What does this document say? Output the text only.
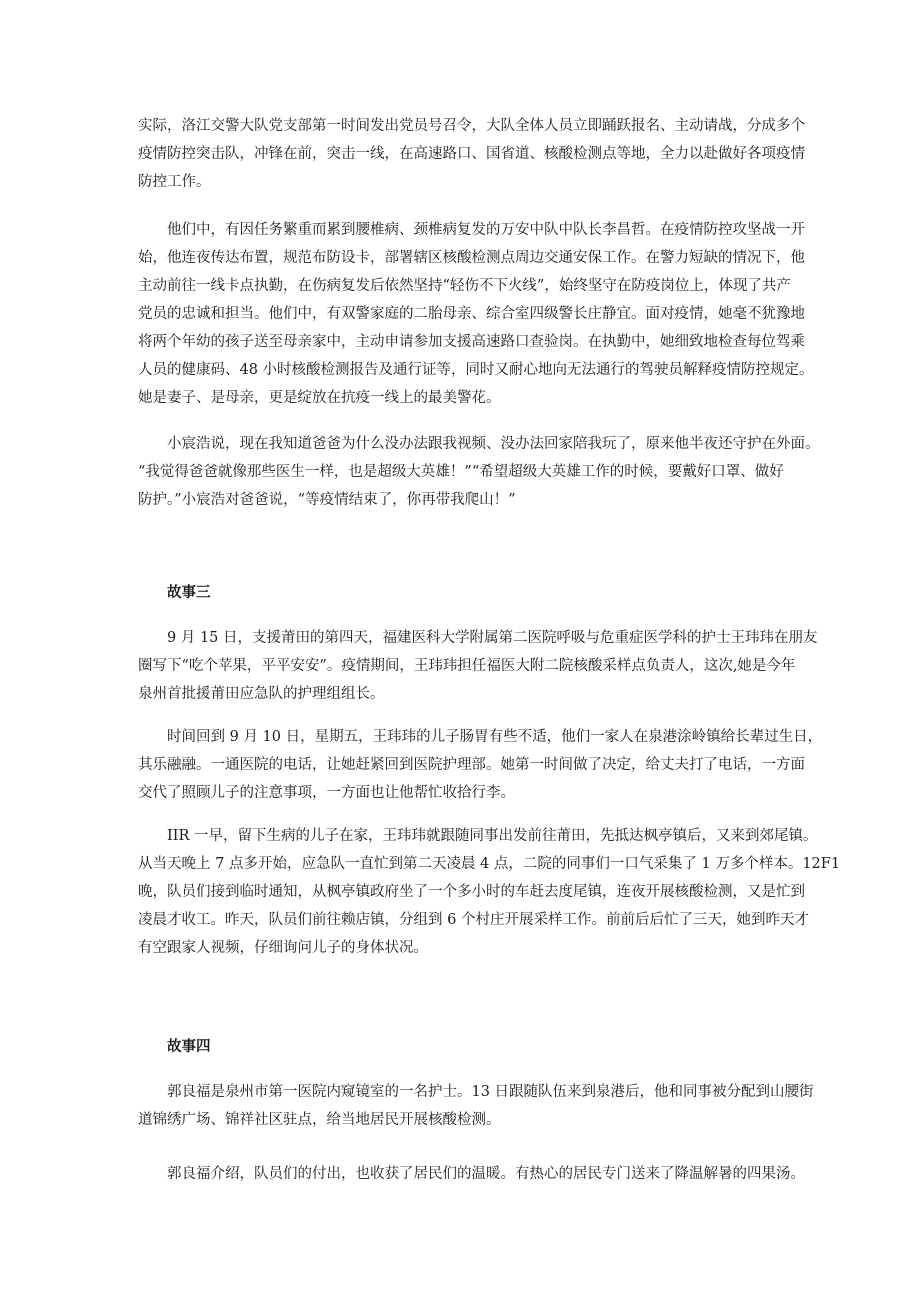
实际，洛江交警大队党支部第一时间发出党员号召令，大队全体人员立即踊跃报名、主动请战，分成多个
疫情防控突击队，冲锋在前，突击一线，在高速路口、国省道、核酸检测点等地，全力以赴做好各项疫情
防控工作。

他们中，有因任务繁重而累到腰椎病、颈椎病复发的万安中队中队长李昌哲。在疫情防控攻坚战一开
始，他连夜传达布置，规范布防设卡，部署辖区核酸检测点周边交通安保工作。在警力短缺的情况下，他
主动前往一线卡点执勤，在伤病复发后依然坚持“轻伤不下火线”，始终坚守在防疫岗位上，体现了共产
党员的忠诚和担当。他们中，有双警家庭的二胎母亲、综合室四级警长庄静宜。面对疫情，她毫不犹豫地
将两个年幼的孩子送至母亲家中，主动申请参加支援高速路口查验岗。在执勤中，她细致地检查每位驾乘
人员的健康码、48 小时核酸检测报告及通行证等，同时又耐心地向无法通行的驾驶员解释疫情防控规定。
她是妻子、是母亲，更是绽放在抗疫一线上的最美警花。

小宸浩说，现在我知道爸爸为什么没办法跟我视频、没办法回家陪我玩了，原来他半夜还守护在外面。
“我觉得爸爸就像那些医生一样，也是超级大英雄！”“希望超级大英雄工作的时候，要戴好口罩、做好
防护。”小宸浩对爸爸说，“等疫情结束了，你再带我爬山！”

故事三

9 月 15 日，支援莆田的第四天，福建医科大学附属第二医院呼吸与危重症医学科的护士王玮玮在朋友
圈写下“吃个苹果，平平安安”。疫情期间，王玮玮担任福医大附二院核酸采样点负责人，这次,她是今年
泉州首批援莆田应急队的护理组组长。

时间回到 9 月 10 日，星期五，王玮玮的儿子肠胃有些不适，他们一家人在泉港涂岭镇给长辈过生日，
其乐融融。一通医院的电话，让她赶紧回到医院护理部。她第一时间做了决定，给丈夫打了电话，一方面
交代了照顾儿子的注意事项，一方面也让他帮忙收拾行李。

IIR 一早，留下生病的儿子在家，王玮玮就跟随同事出发前往莆田，先抵达枫亭镇后，又来到郊尾镇。
从当天晚上 7 点多开始，应急队一直忙到第二天凌晨 4 点，二院的同事们一口气采集了 1 万多个样本。12F1
晚，队员们接到临时通知，从枫亭镇政府坐了一个多小时的车赶去度尾镇，连夜开展核酸检测，又是忙到
凌晨才收工。昨天，队员们前往赖店镇，分组到 6 个村庄开展采样工作。前前后后忙了三天，她到昨天才
有空跟家人视频，仔细询问儿子的身体状况。

故事四

郭良福是泉州市第一医院内窥镜室的一名护士。13 日跟随队伍来到泉港后，他和同事被分配到山腰街
道锦绣广场、锦祥社区驻点，给当地居民开展核酸检测。

郭良福介绍，队员们的付出，也收获了居民们的温暖。有热心的居民专门送来了降温解暑的四果汤。
